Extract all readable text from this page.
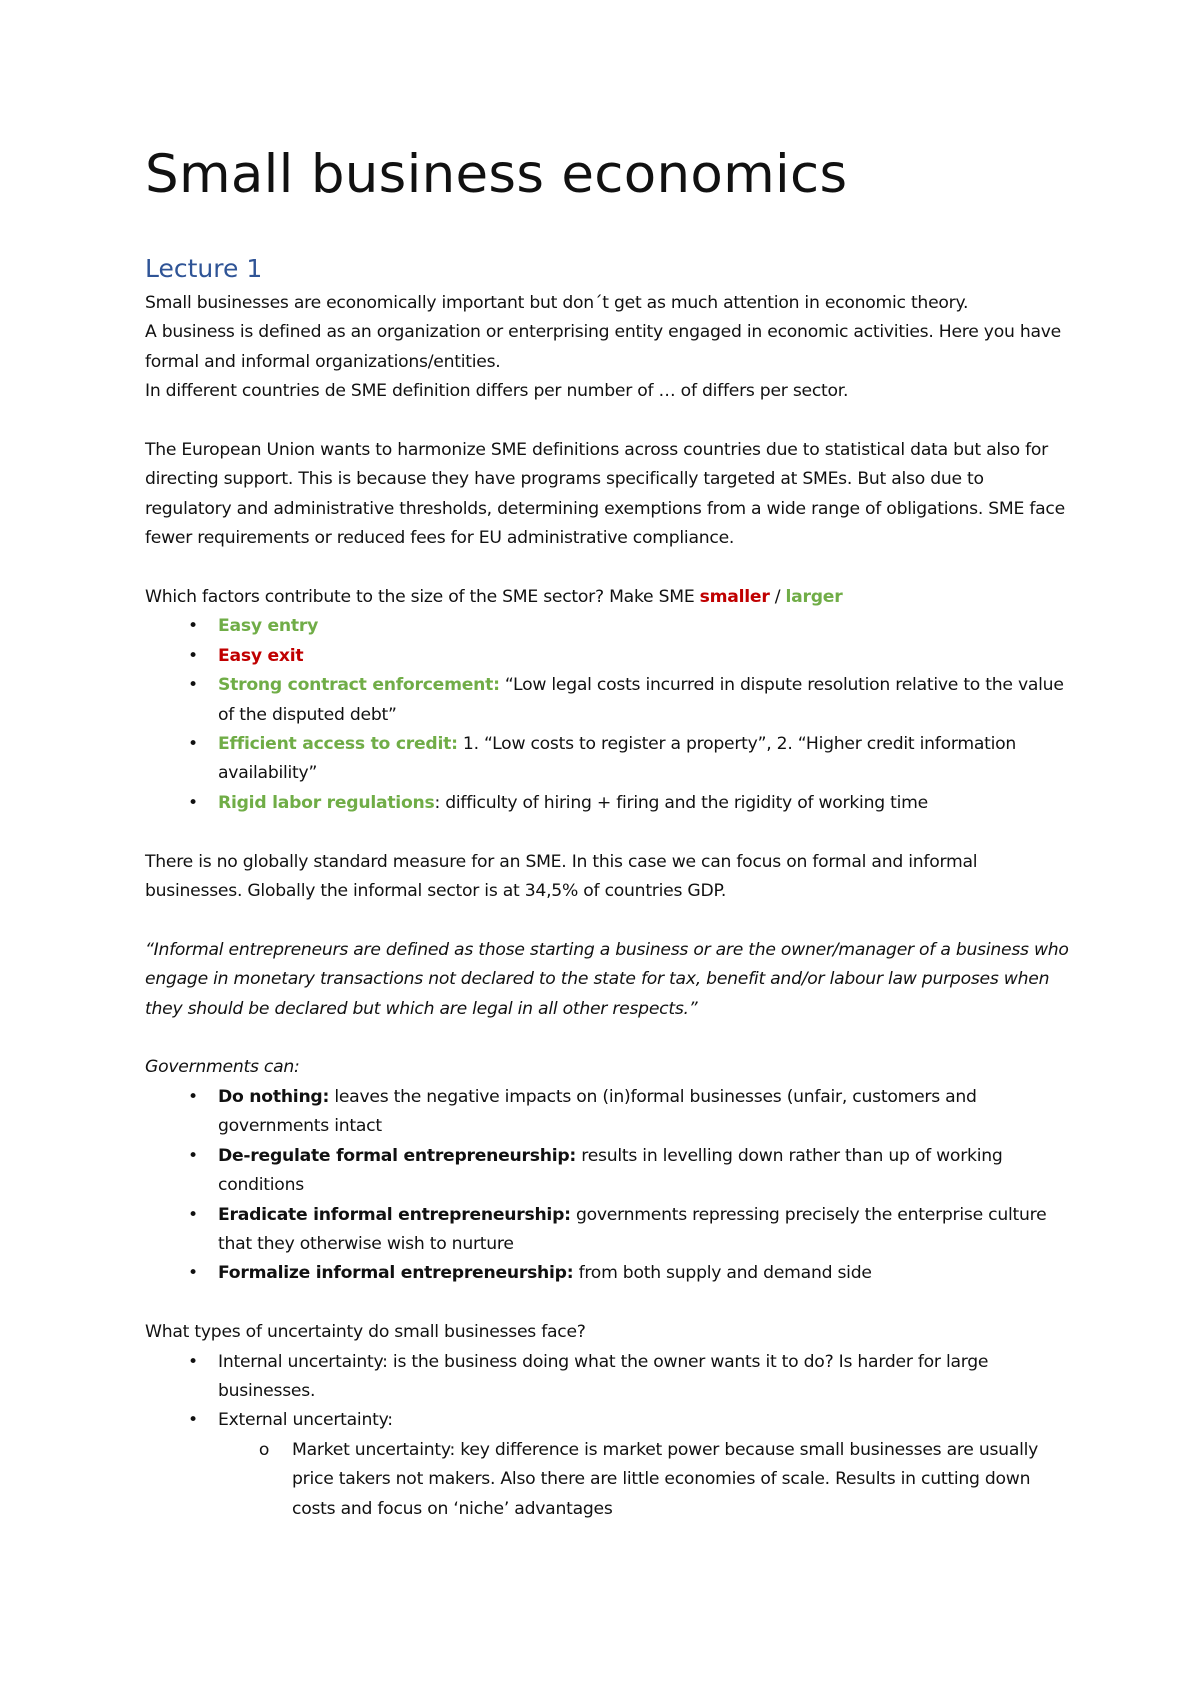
Small business economics
Lecture 1

Small businesses are economically important but don´t get as much attention in economic theory.

A business is defined as an organization or enterprising entity engaged in economic activities. Here you have formal and informal organizations/entities.

In different countries de SME definition differs per number of … of differs per sector.

The European Union wants to harmonize SME definitions across countries due to statistical data but also for directing support. This is because they have programs specifically targeted at SMEs. But also due to regulatory and administrative thresholds, determining exemptions from a wide range of obligations. SME face fewer requirements or reduced fees for EU administrative compliance.

Which factors contribute to the size of the SME sector? Make SME smaller / larger

• Easy entry
• Easy exit
• Strong contract enforcement: “Low legal costs incurred in dispute resolution relative to the value of the disputed debt”
• Efficient access to credit: 1. “Low costs to register a property”, 2. “Higher credit information availability”
• Rigid labor regulations: difficulty of hiring + firing and the rigidity of working time

There is no globally standard measure for an SME. In this case we can focus on formal and informal businesses. Globally the informal sector is at 34,5% of countries GDP.

“Informal entrepreneurs are defined as those starting a business or are the owner/manager of a business who engage in monetary transactions not declared to the state for tax, benefit and/or labour law purposes when they should be declared but which are legal in all other respects.”

Governments can:

• Do nothing: leaves the negative impacts on (in)formal businesses (unfair, customers and governments intact
• De-regulate formal entrepreneurship: results in levelling down rather than up of working conditions
• Eradicate informal entrepreneurship: governments repressing precisely the enterprise culture that they otherwise wish to nurture
• Formalize informal entrepreneurship: from both supply and demand side

What types of uncertainty do small businesses face?

• Internal uncertainty: is the business doing what the owner wants it to do? Is harder for large businesses.
• External uncertainty:
o Market uncertainty: key difference is market power because small businesses are usually price takers not makers. Also there are little economies of scale. Results in cutting down costs and focus on ‘niche’ advantages
